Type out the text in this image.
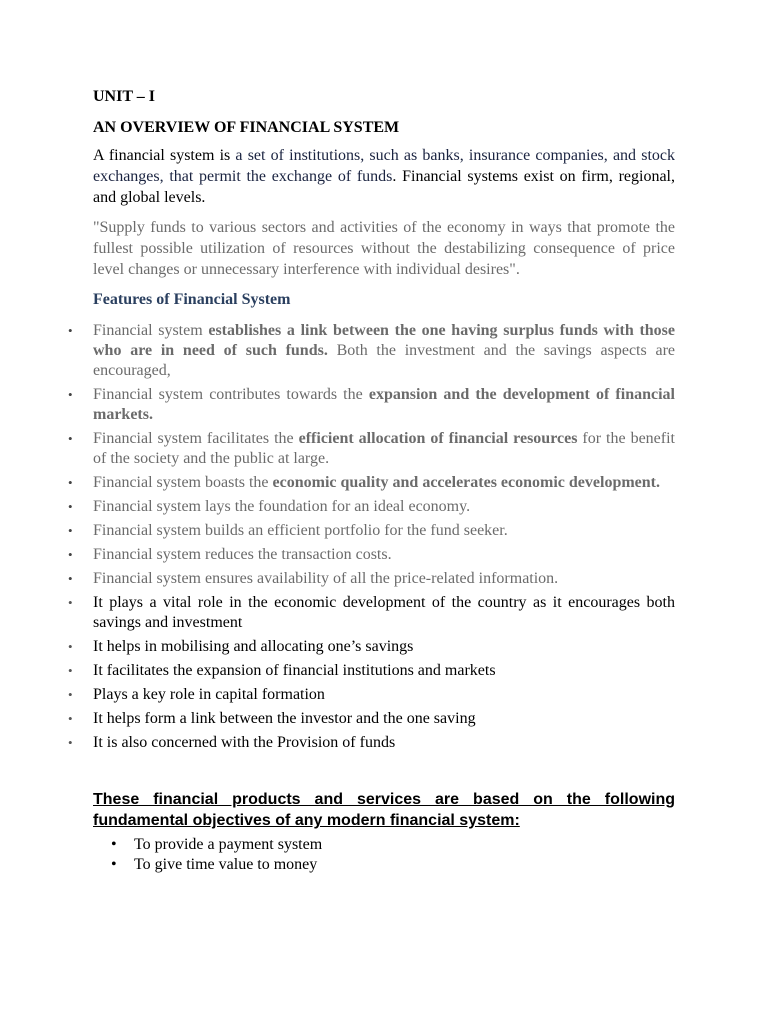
UNIT – I
AN OVERVIEW OF FINANCIAL SYSTEM

A financial system is a set of institutions, such as banks, insurance companies, and stock exchanges, that permit the exchange of funds. Financial systems exist on firm, regional, and global levels.

"Supply funds to various sectors and activities of the economy in ways that promote the fullest possible utilization of resources without the destabilizing consequence of price level changes or unnecessary interference with individual desires".

Features of Financial System
• Financial system establishes a link between the one having surplus funds with those who are in need of such funds. Both the investment and the savings aspects are encouraged,
• Financial system contributes towards the expansion and the development of financial markets.
• Financial system facilitates the efficient allocation of financial resources for the benefit of the society and the public at large.
• Financial system boasts the economic quality and accelerates economic development.
• Financial system lays the foundation for an ideal economy.
• Financial system builds an efficient portfolio for the fund seeker.
• Financial system reduces the transaction costs.
• Financial system ensures availability of all the price-related information.
• It plays a vital role in the economic development of the country as it encourages both savings and investment
• It helps in mobilising and allocating one’s savings
• It facilitates the expansion of financial institutions and markets
• Plays a key role in capital formation
• It helps form a link between the investor and the one saving
• It is also concerned with the Provision of funds
These financial products and services are based on the following fundamental objectives of any modern financial system:
• To provide a payment system
• To give time value to money
